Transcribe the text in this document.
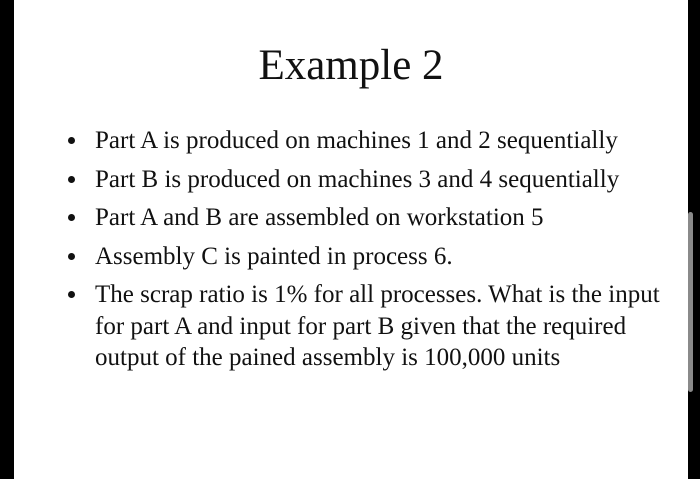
Example 2
Part A is produced on machines 1 and 2 sequentially
Part B is produced on machines 3 and 4 sequentially
Part A and B are assembled on workstation 5
Assembly C is painted in process 6.
The scrap ratio is 1% for all processes. What is the input for part A and input for part B given that the required output of the pained assembly is 100,000 units
